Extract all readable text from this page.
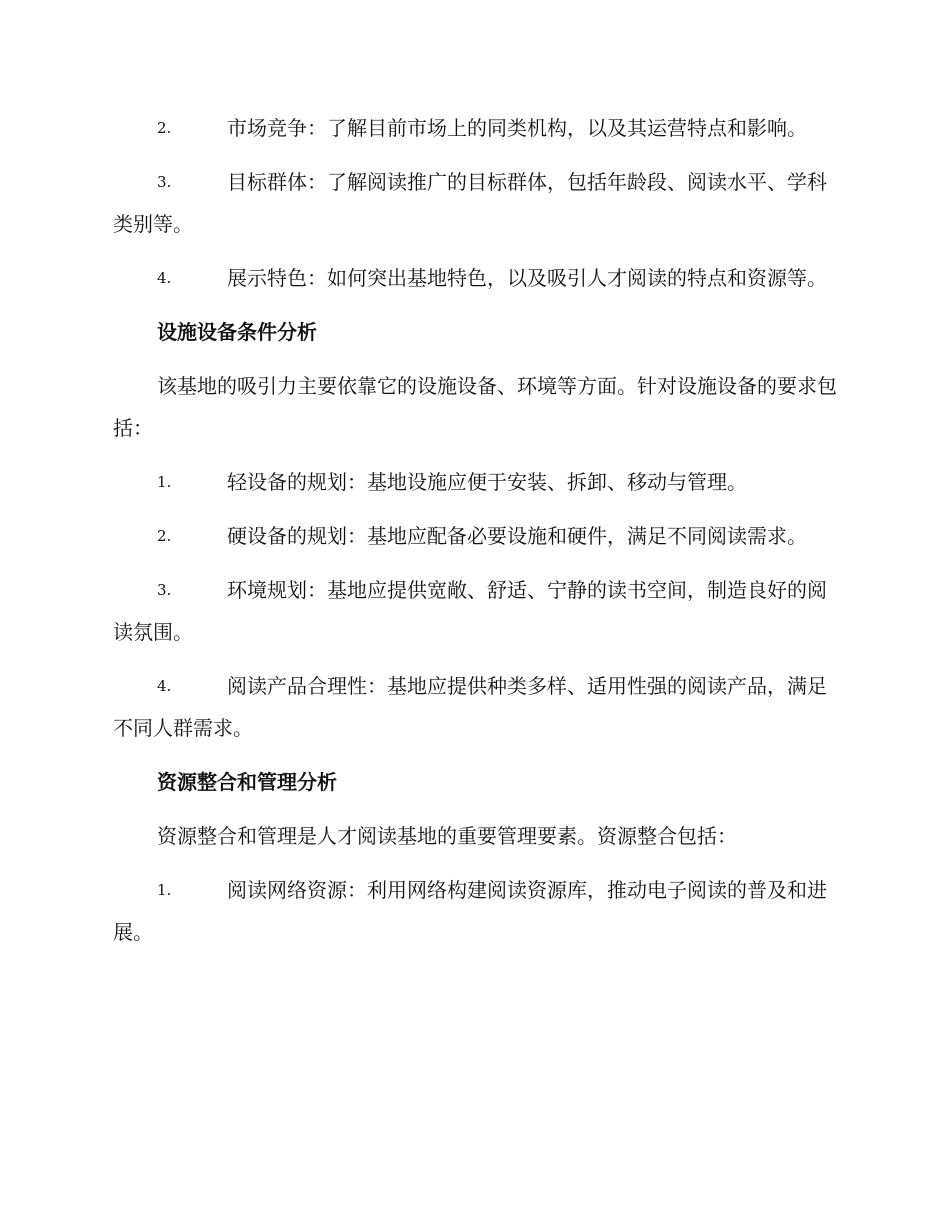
2.	市场竞争：了解目前市场上的同类机构，以及其运营特点和影响。
3.	目标群体：了解阅读推广的目标群体，包括年龄段、阅读水平、学科类别等。
4.	展示特色：如何突出基地特色，以及吸引人才阅读的特点和资源等。
设施设备条件分析
该基地的吸引力主要依靠它的设施设备、环境等方面。针对设施设备的要求包括：
1.	轻设备的规划：基地设施应便于安装、拆卸、移动与管理。
2.	硬设备的规划：基地应配备必要设施和硬件，满足不同阅读需求。
3.	环境规划：基地应提供宽敞、舒适、宁静的读书空间，制造良好的阅读氛围。
4.	阅读产品合理性：基地应提供种类多样、适用性强的阅读产品，满足不同人群需求。
资源整合和管理分析
资源整合和管理是人才阅读基地的重要管理要素。资源整合包括：
1.	阅读网络资源：利用网络构建阅读资源库，推动电子阅读的普及和进展。
